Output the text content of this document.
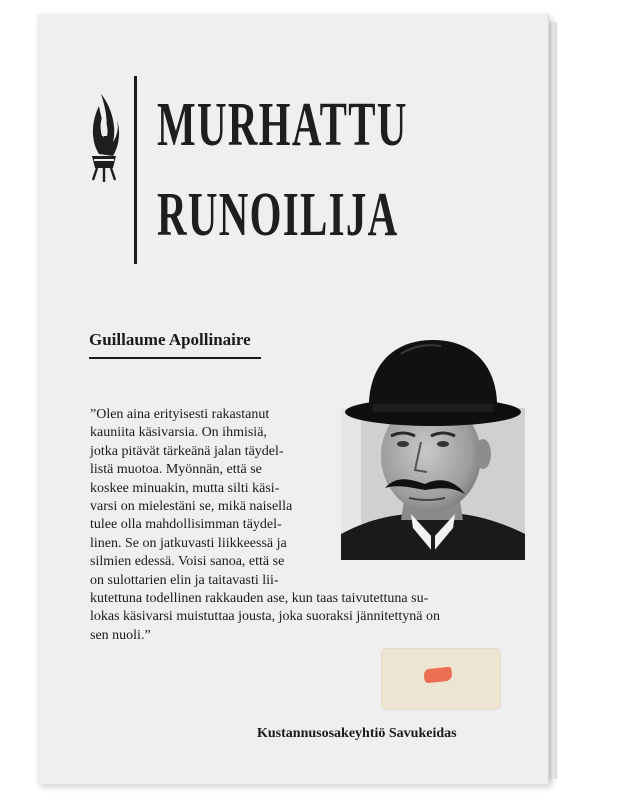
MURHATTU
RUNOILIJA
Guillaume Apollinaire
”Olen aina erityisesti rakastanut
kauniita käsivarsia. On ihmisiä,
jotka pitävät tärkeänä jalan täydel-
listä muotoa. Myönnän, että se
koskee minuakin, mutta silti käsi-
varsi on mielestäni se, mikä naisella
tulee olla mahdollisimman täydel-
linen. Se on jatkuvasti liikkeessä ja
silmien edessä. Voisi sanoa, että se
on sulottarien elin ja taitavasti lii-
kutettuna todellinen rakkauden ase, kun taas taivutettuna su-
lokas käsivarsi muistuttaa jousta, joka suoraksi jännitettynä on
sen nuoli.”
Kustannusosakeyhtiö Savukeidas
